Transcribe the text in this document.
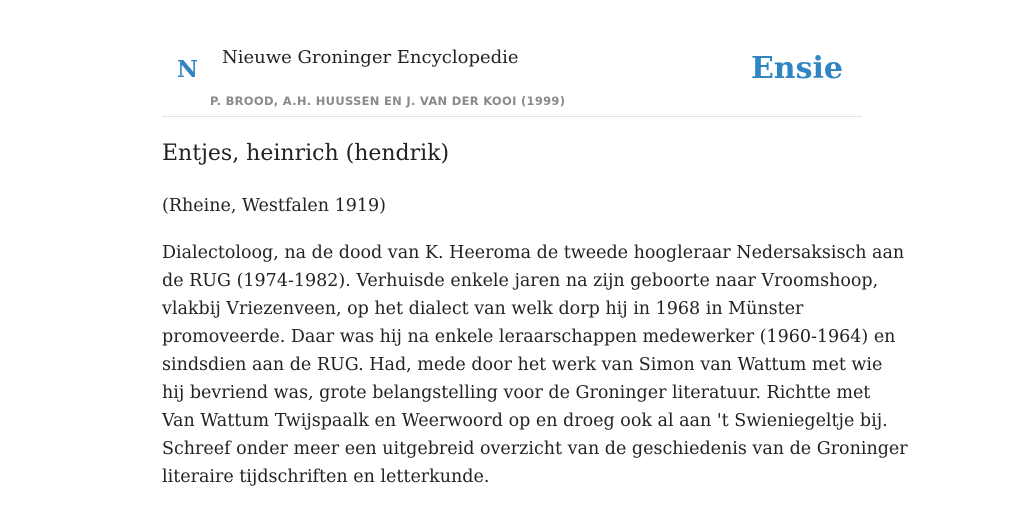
N Nieuwe Groninger Encyclopedie
P. BROOD, A.H. HUUSSEN EN J. VAN DER KOOI (1999)
Ensie
Entjes, heinrich (hendrik)

(Rheine, Westfalen 1919)

Dialectoloog, na de dood van K. Heeroma de tweede hoogleraar Nedersaksisch aan
de RUG (1974-1982). Verhuisde enkele jaren na zijn geboorte naar Vroomshoop,
vlakbij Vriezenveen, op het dialect van welk dorp hij in 1968 in Münster
promoveerde. Daar was hij na enkele leraarschappen medewerker (1960-1964) en
sindsdien aan de RUG. Had, mede door het werk van Simon van Wattum met wie
hij bevriend was, grote belangstelling voor de Groninger literatuur. Richtte met
Van Wattum Twijspaalk en Weerwoord op en droeg ook al aan 't Swieniegeltje bij.
Schreef onder meer een uitgebreid overzicht van de geschiedenis van de Groninger
literaire tijdschriften en letterkunde.
